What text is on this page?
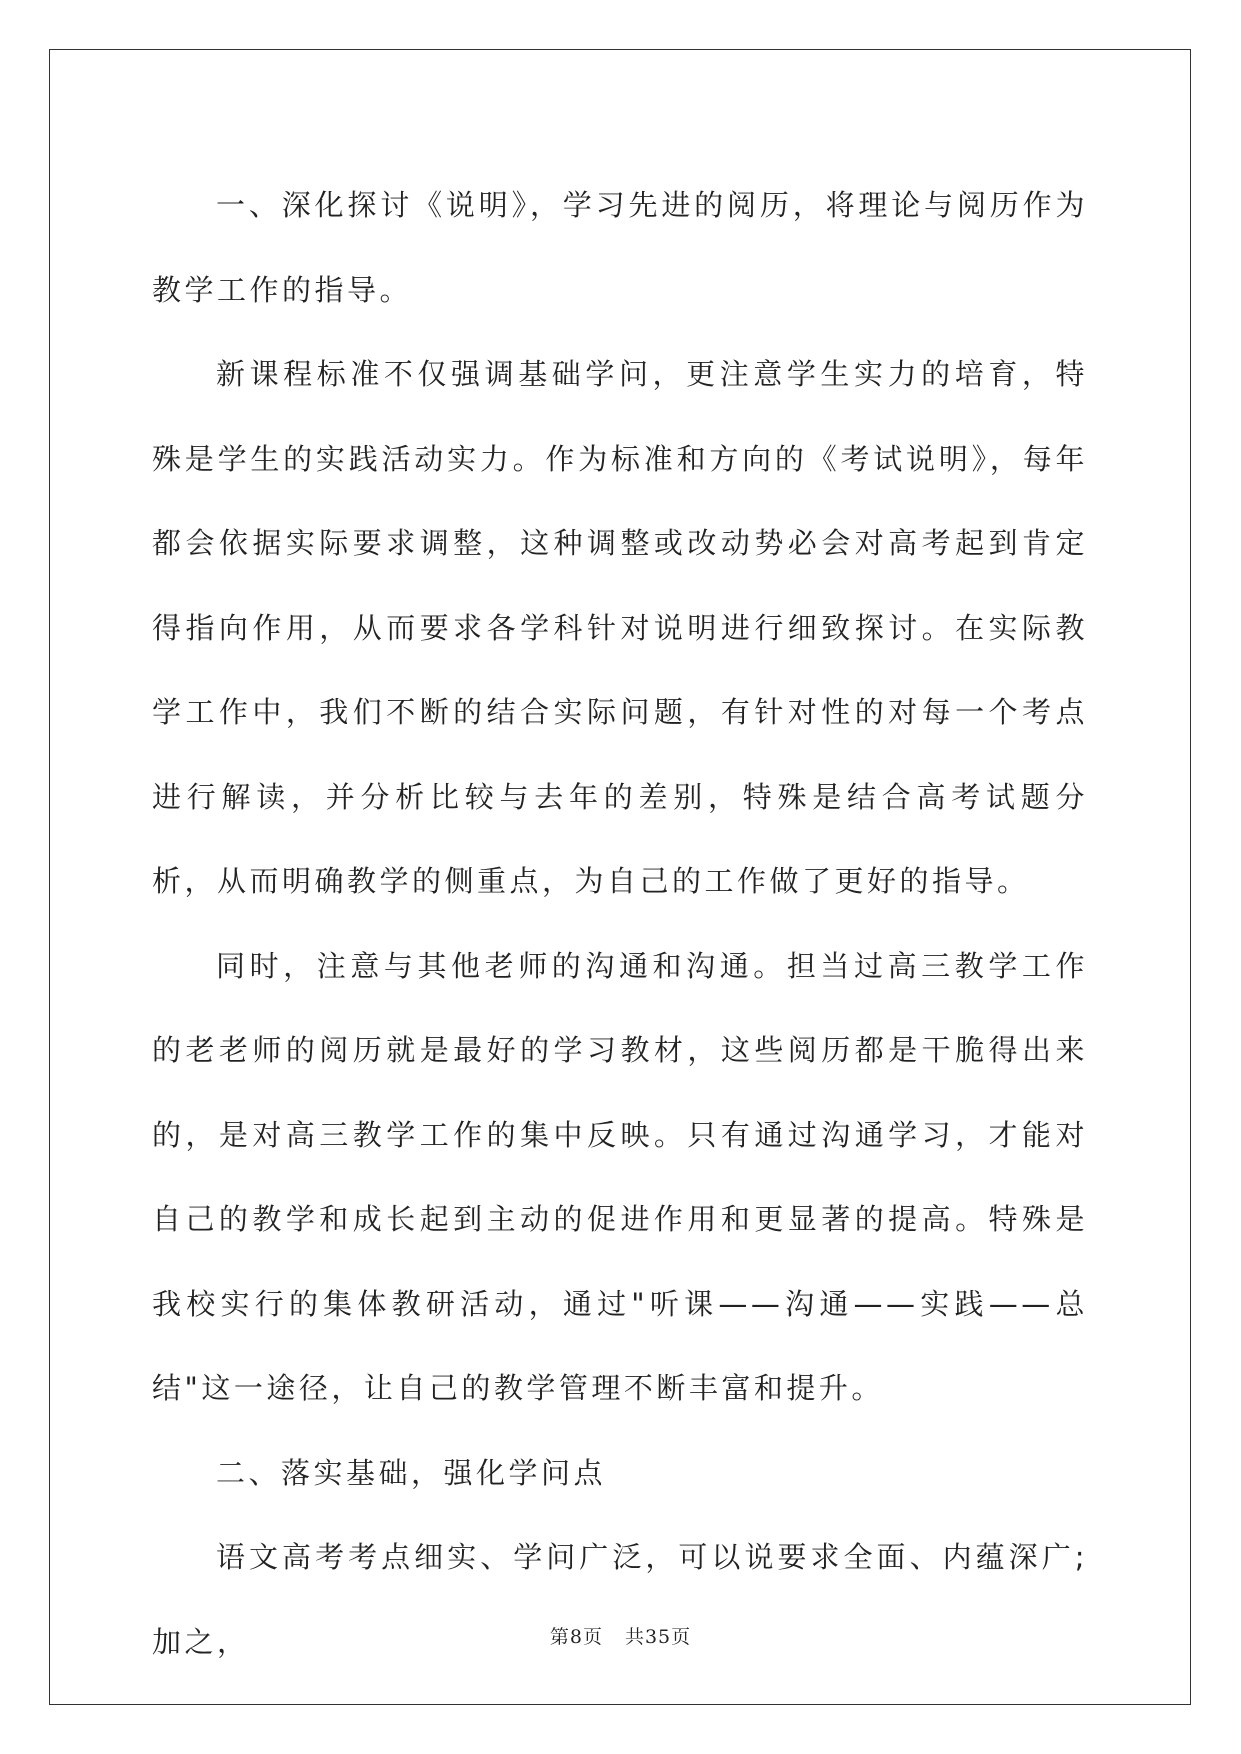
一、深化探讨《说明》，学习先进的阅历，将理论与阅历作为教学工作的指导。

新课程标准不仅强调基础学问，更注意学生实力的培育，特殊是学生的实践活动实力。作为标准和方向的《考试说明》，每年都会依据实际要求调整，这种调整或改动势必会对高考起到肯定得指向作用，从而要求各学科针对说明进行细致探讨。在实际教学工作中，我们不断的结合实际问题，有针对性的对每一个考点进行解读，并分析比较与去年的差别，特殊是结合高考试题分析，从而明确教学的侧重点，为自己的工作做了更好的指导。

同时，注意与其他老师的沟通和沟通。担当过高三教学工作的老老师的阅历就是最好的学习教材，这些阅历都是干脆得出来的，是对高三教学工作的集中反映。只有通过沟通学习，才能对自己的教学和成长起到主动的促进作用和更显著的提高。特殊是我校实行的集体教研活动，通过"听课——沟通——实践——总结"这一途径，让自己的教学管理不断丰富和提升。

二、落实基础，强化学问点

语文高考考点细实、学问广泛，可以说要求全面、内蕴深广;加之，	第8页 共35页
